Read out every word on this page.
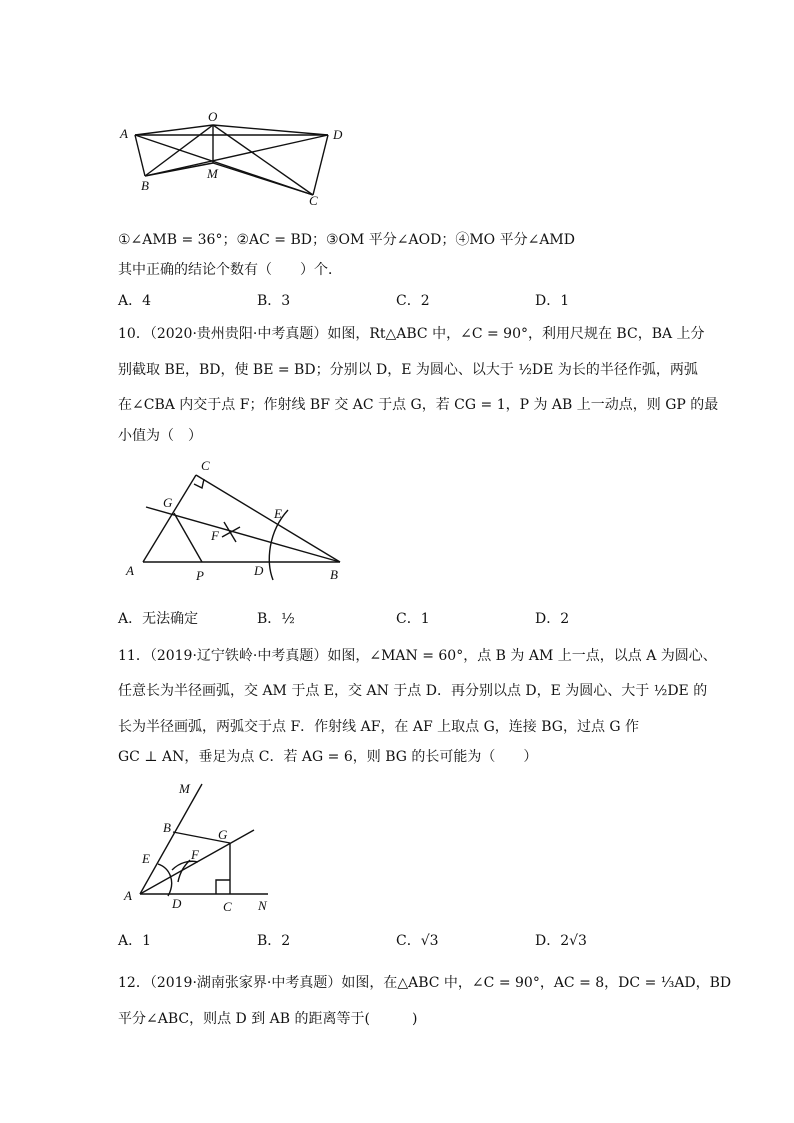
A
O
D
B
M
C
①∠AMB = 36°；②AC = BD；③OM 平分∠AOD；④MO 平分∠AMD
其中正确的结论个数有（　　）个．
A．4	B．3	C．2	D．1
10．（2020·贵州贵阳·中考真题）如图，Rt△ABC 中，∠C = 90°，利用尺规在 BC，BA 上分
别截取 BE，BD，使 BE = BD；分别以 D，E 为圆心、以大于 ½DE 为长的半径作弧，两弧
在∠CBA 内交于点 F；作射线 BF 交 AC 于点 G，若 CG = 1，P 为 AB 上一动点，则 GP 的最
小值为（　）
C
G
E
F
A	P	D	B
A．无法确定	B．½	C．1	D．2
11．（2019·辽宁铁岭·中考真题）如图，∠MAN = 60°，点 B 为 AM 上一点，以点 A 为圆心、
任意长为半径画弧，交 AM 于点 E，交 AN 于点 D．再分别以点 D，E 为圆心、大于 ½DE 的
长为半径画弧，两弧交于点 F．作射线 AF，在 AF 上取点 G，连接 BG，过点 G 作
GC ⊥ AN，垂足为点 C．若 AG = 6，则 BG 的长可能为（　　）
M
B	G
E	F
A
D	C N
A．1	B．2	C．√3	D．2√3
12．（2019·湖南张家界·中考真题）如图，在△ABC 中，∠C = 90°，AC = 8，DC = ⅓AD，BD
平分∠ABC，则点 D 到 AB 的距离等于(　　　)
